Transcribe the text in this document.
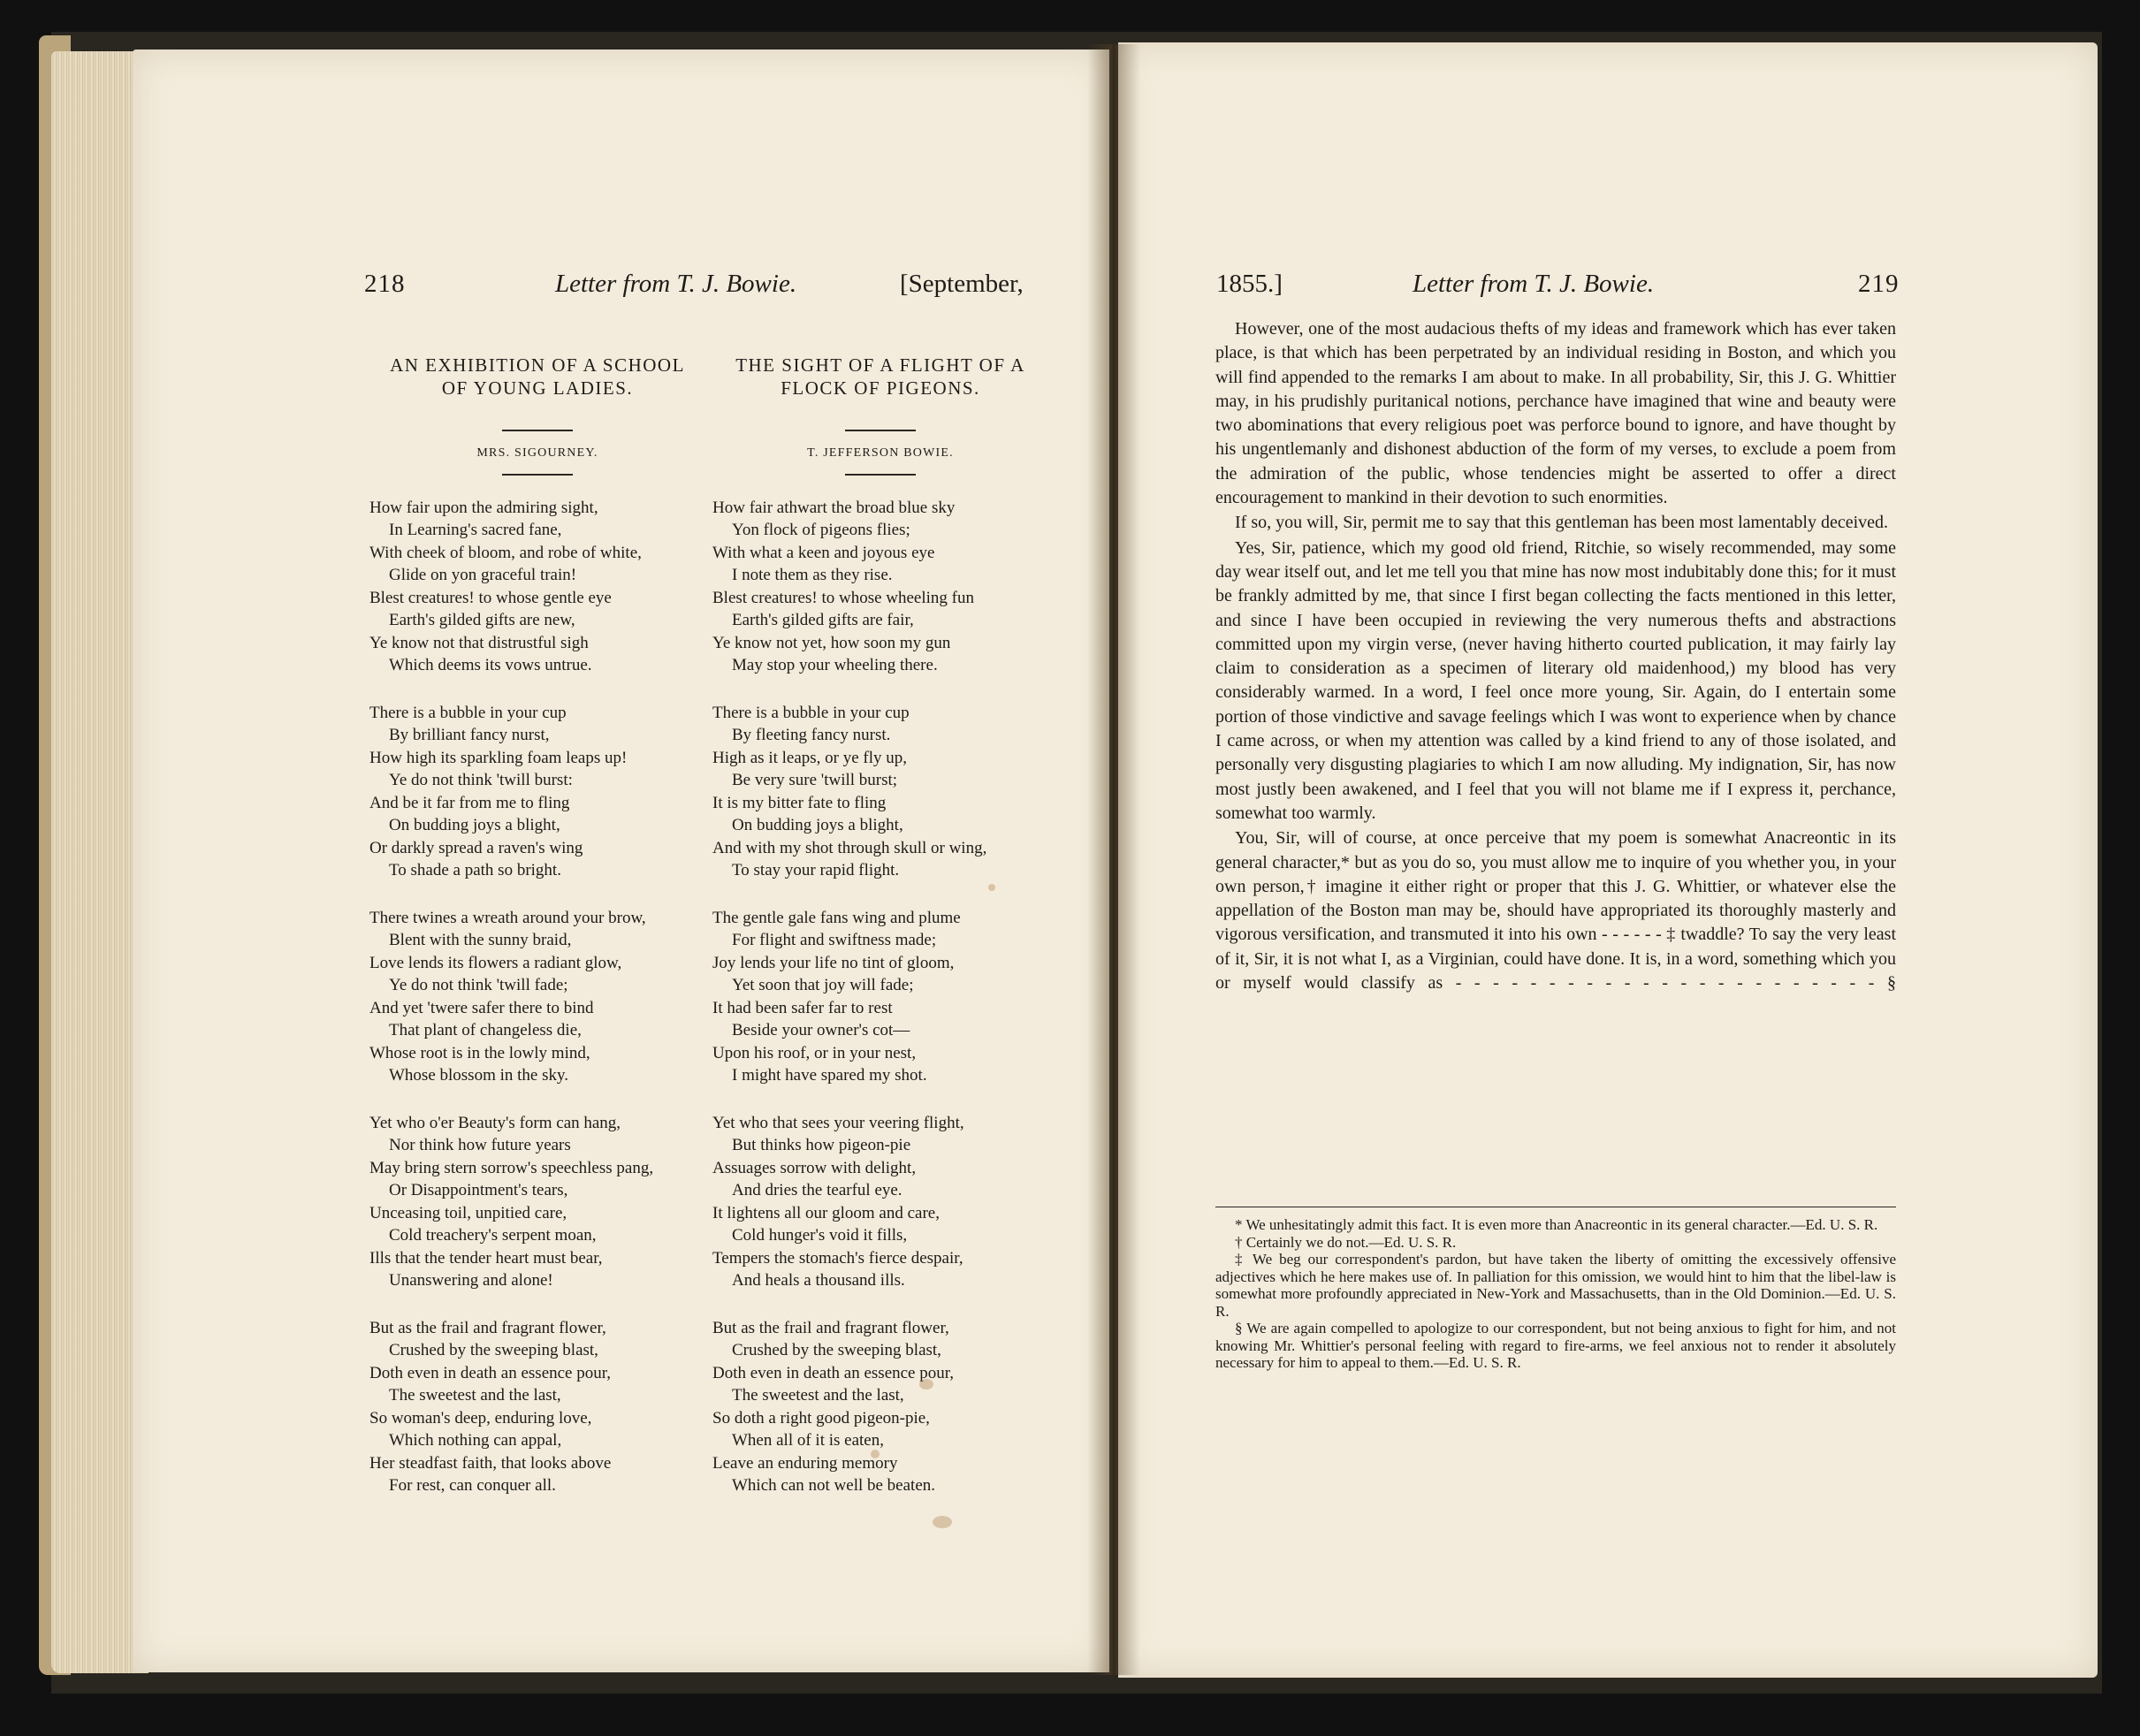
218	Letter from T. J. Bowie.	[September,
AN EXHIBITION OF A SCHOOL
OF YOUNG LADIES.
MRS. SIGOURNEY.
How fair upon the admiring sight,
In Learning's sacred fane,
With cheek of bloom, and robe of white,
Glide on yon graceful train!
Blest creatures! to whose gentle eye
Earth's gilded gifts are new,
Ye know not that distrustful sigh
Which deems its vows untrue.
There is a bubble in your cup
By brilliant fancy nurst,
How high its sparkling foam leaps up!
Ye do not think 'twill burst:
And be it far from me to fling
On budding joys a blight,
Or darkly spread a raven's wing
To shade a path so bright.
There twines a wreath around your brow,
Blent with the sunny braid,
Love lends its flowers a radiant glow,
Ye do not think 'twill fade;
And yet 'twere safer there to bind
That plant of changeless die,
Whose root is in the lowly mind,
Whose blossom in the sky.
Yet who o'er Beauty's form can hang,
Nor think how future years
May bring stern sorrow's speechless pang,
Or Disappointment's tears,
Unceasing toil, unpitied care,
Cold treachery's serpent moan,
Ills that the tender heart must bear,
Unanswering and alone!
But as the frail and fragrant flower,
Crushed by the sweeping blast,
Doth even in death an essence pour,
The sweetest and the last,
So woman's deep, enduring love,
Which nothing can appal,
Her steadfast faith, that looks above
For rest, can conquer all.
THE SIGHT OF A FLIGHT OF A
FLOCK OF PIGEONS.
T. JEFFERSON BOWIE.
How fair athwart the broad blue sky
Yon flock of pigeons flies;
With what a keen and joyous eye
I note them as they rise.
Blest creatures! to whose wheeling fun
Earth's gilded gifts are fair,
Ye know not yet, how soon my gun
May stop your wheeling there.
There is a bubble in your cup
By fleeting fancy nurst.
High as it leaps, or ye fly up,
Be very sure 'twill burst;
It is my bitter fate to fling
On budding joys a blight,
And with my shot through skull or wing,
To stay your rapid flight.
The gentle gale fans wing and plume
For flight and swiftness made;
Joy lends your life no tint of gloom,
Yet soon that joy will fade;
It had been safer far to rest
Beside your owner's cot—
Upon his roof, or in your nest,
I might have spared my shot.
Yet who that sees your veering flight,
But thinks how pigeon-pie
Assuages sorrow with delight,
And dries the tearful eye.
It lightens all our gloom and care,
Cold hunger's void it fills,
Tempers the stomach's fierce despair,
And heals a thousand ills.
But as the frail and fragrant flower,
Crushed by the sweeping blast,
Doth even in death an essence pour,
The sweetest and the last,
So doth a right good pigeon-pie,
When all of it is eaten,
Leave an enduring memory
Which can not well be beaten.
1855.]	Letter from T. J. Bowie.	219

However, one of the most audacious thefts of my ideas and framework which has ever taken place, is that which has been perpetrated by an individual residing in Boston, and which you will find appended to the remarks I am about to make. In all probability, Sir, this J. G. Whittier may, in his prudishly puritanical notions, perchance have imagined that wine and beauty were two abominations that every religious poet was perforce bound to ignore, and have thought by his ungentlemanly and dishonest abduction of the form of my verses, to exclude a poem from the admiration of the public, whose tendencies might be asserted to offer a direct encouragement to mankind in their devotion to such enormities.

If so, you will, Sir, permit me to say that this gentleman has been most lamentably deceived.

Yes, Sir, patience, which my good old friend, Ritchie, so wisely recommended, may some day wear itself out, and let me tell you that mine has now most indubitably done this; for it must be frankly admitted by me, that since I first began collecting the facts mentioned in this letter, and since I have been occupied in reviewing the very numerous thefts and abstractions committed upon my virgin verse, (never having hitherto courted publication, it may fairly lay claim to consideration as a specimen of literary old maidenhood,) my blood has very considerably warmed. In a word, I feel once more young, Sir. Again, do I entertain some portion of those vindictive and savage feelings which I was wont to experience when by chance I came across, or when my attention was called by a kind friend to any of those isolated, and personally very disgusting plagiaries to which I am now alluding. My indignation, Sir, has now most justly been awakened, and I feel that you will not blame me if I express it, perchance, somewhat too warmly.

You, Sir, will of course, at once perceive that my poem is somewhat Anacreontic in its general character,* but as you do so, you must allow me to inquire of you whether you, in your own person,† imagine it either right or proper that this J. G. Whittier, or whatever else the appellation of the Boston man may be, should have appropriated its thoroughly masterly and vigorous versification, and transmuted it into his own - - - - - - ‡ twaddle? To say the very least of it, Sir, it is not what I, as a Virginian, could have done. It is, in a word, something which you or myself would classify as - - - - - - - - - - - - - - - - - - - - - - - §

* We unhesitatingly admit this fact. It is even more than Anacreontic in its general character.—Ed. U. S. R.

† Certainly we do not.—Ed. U. S. R.

‡ We beg our correspondent's pardon, but have taken the liberty of omitting the excessively offensive adjectives which he here makes use of. In palliation for this omission, we would hint to him that the libel-law is somewhat more profoundly appreciated in New-York and Massachusetts, than in the Old Dominion.—Ed. U. S. R.

§ We are again compelled to apologize to our correspondent, but not being anxious to fight for him, and not knowing Mr. Whittier's personal feeling with regard to fire-arms, we feel anxious not to render it absolutely necessary for him to appeal to them.—Ed. U. S. R.
